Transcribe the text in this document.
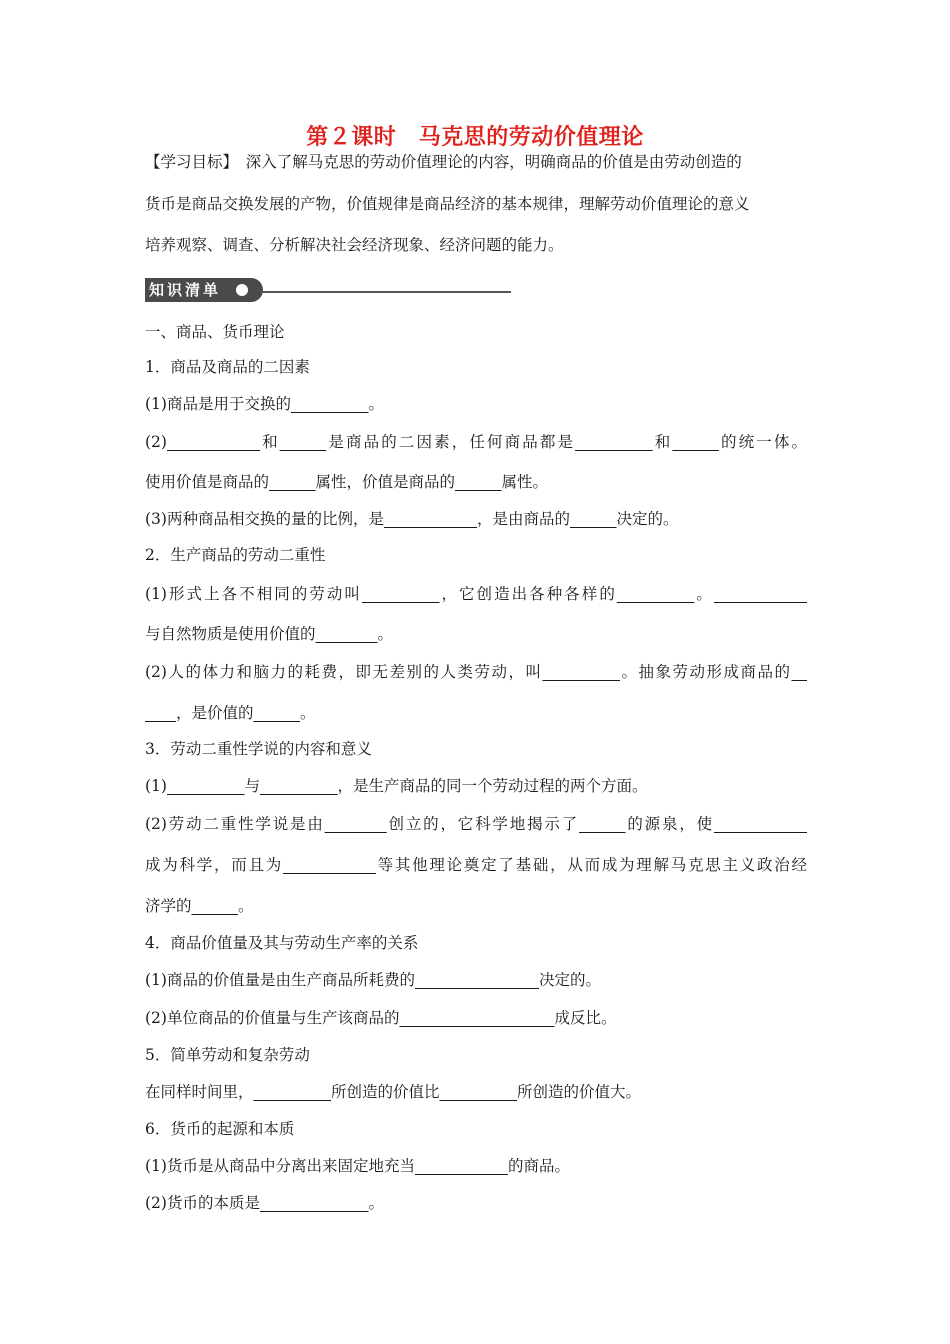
第２课时　马克思的劳动价值理论
【学习目标】　深入了解马克思的劳动价值理论的内容，明确商品的价值是由劳动创造的
货币是商品交换发展的产物，价值规律是商品经济的基本规律，理解劳动价值理论的意义
培养观察、调查、分析解决社会经济现象、经济问题的能力。
知识清单
一、商品、货币理论
1．商品及商品的二因素
(1)商品是用于交换的__________。
(2)____________和______是商品的二因素，任何商品都是__________和______的统一体。
使用价值是商品的______属性，价值是商品的______属性。
(3)两种商品相交换的量的比例，是____________，是由商品的______决定的。
2．生产商品的劳动二重性
(1)形式上各不相同的劳动叫__________，它创造出各种各样的__________。____________
与自然物质是使用价值的________。
(2)人的体力和脑力的耗费，即无差别的人类劳动，叫__________。抽象劳动形成商品的__
____，是价值的______。
3．劳动二重性学说的内容和意义
(1)__________与__________，是生产商品的同一个劳动过程的两个方面。
(2)劳动二重性学说是由________创立的，它科学地揭示了______的源泉，使____________
成为科学，而且为____________等其他理论奠定了基础，从而成为理解马克思主义政治经
济学的______。
4．商品价值量及其与劳动生产率的关系
(1)商品的价值量是由生产商品所耗费的________________决定的。
(2)单位商品的价值量与生产该商品的____________________成反比。
5．简单劳动和复杂劳动
在同样时间里，__________所创造的价值比__________所创造的价值大。
6．货币的起源和本质
(1)货币是从商品中分离出来固定地充当____________的商品。
(2)货币的本质是______________。
